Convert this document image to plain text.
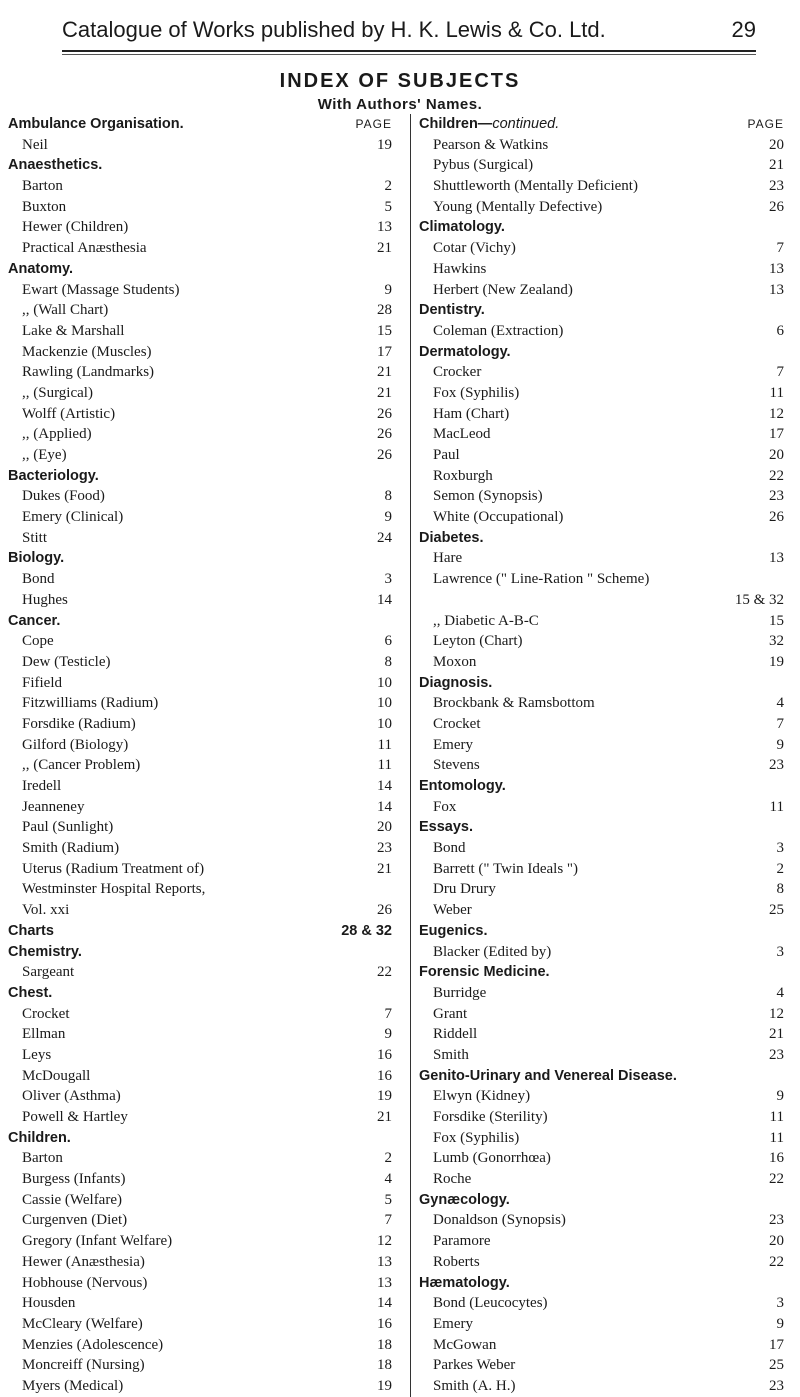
Catalogue of Works published by H. K. Lewis & Co. Ltd.	29
INDEX OF SUBJECTS
With Authors' Names.
Ambulance Organisation.	PAGE
Neil	19
Anaesthetics.
Barton	2
Buxton	5
Hewer (Children)	13
Practical Anæsthesia	21
Anatomy.
Ewart (Massage Students)	9
,, (Wall Chart)	28
Lake & Marshall	15
Mackenzie (Muscles)	17
Rawling (Landmarks)	21
,, (Surgical)	21
Wolff (Artistic)	26
,, (Applied)	26
,, (Eye)	26
Bacteriology.
Dukes (Food)	8
Emery (Clinical)	9
Stitt	24
Biology.
Bond	3
Hughes	14
Cancer.
Cope	6
Dew (Testicle)	8
Fifield	10
Fitzwilliams (Radium)	10
Forsdike (Radium)	10
Gilford (Biology)	11
,, (Cancer Problem)	11
Iredell	14
Jeanneney	14
Paul (Sunlight)	20
Smith (Radium)	23
Uterus (Radium Treatment of)	21
Westminster Hospital Reports,
Vol. xxi	26
Charts	28 & 32
Chemistry.
Sargeant	22
Chest.
Crocket	7
Ellman	9
Leys	16
McDougall	16
Oliver (Asthma)	19
Powell & Hartley	21
Children.
Barton	2
Burgess (Infants)	4
Cassie (Welfare)	5
Curgenven (Diet)	7
Gregory (Infant Welfare)	12
Hewer (Anæsthesia)	13
Hobhouse (Nervous)	13
Housden	14
McCleary (Welfare)	16
Menzies (Adolescence)	18
Moncreiff (Nursing)	18
Myers (Medical)	19
Children—continued.	PAGE
Pearson & Watkins	20
Pybus (Surgical)	21
Shuttleworth (Mentally Deficient)	23
Young (Mentally Defective)	26
Climatology.
Cotar (Vichy)	7
Hawkins	13
Herbert (New Zealand)	13
Dentistry.
Coleman (Extraction)	6
Dermatology.
Crocker	7
Fox (Syphilis)	11
Ham (Chart)	12
MacLeod	17
Paul	20
Roxburgh	22
Semon (Synopsis)	23
White (Occupational)	26
Diabetes.
Hare	13
Lawrence (" Line-Ration " Scheme)
15 & 32
,, Diabetic A-B-C	15
Leyton (Chart)	32
Moxon	19
Diagnosis.
Brockbank & Ramsbottom	4
Crocket	7
Emery	9
Stevens	23
Entomology.
Fox	11
Essays.
Bond	3
Barrett (" Twin Ideals ")	2
Dru Drury	8
Weber	25
Eugenics.
Blacker (Edited by)	3
Forensic Medicine.
Burridge	4
Grant	12
Riddell	21
Smith	23
Genito-Urinary and Venereal Disease.
Elwyn (Kidney)	9
Forsdike (Sterility)	11
Fox (Syphilis)	11
Lumb (Gonorrhœa)	16
Roche	22
Gynæcology.
Donaldson (Synopsis)	23
Paramore	20
Roberts	22
Hæmatology.
Bond (Leucocytes)	3
Emery	9
McGowan	17
Parkes Weber	25
Smith (A. H.)	23
